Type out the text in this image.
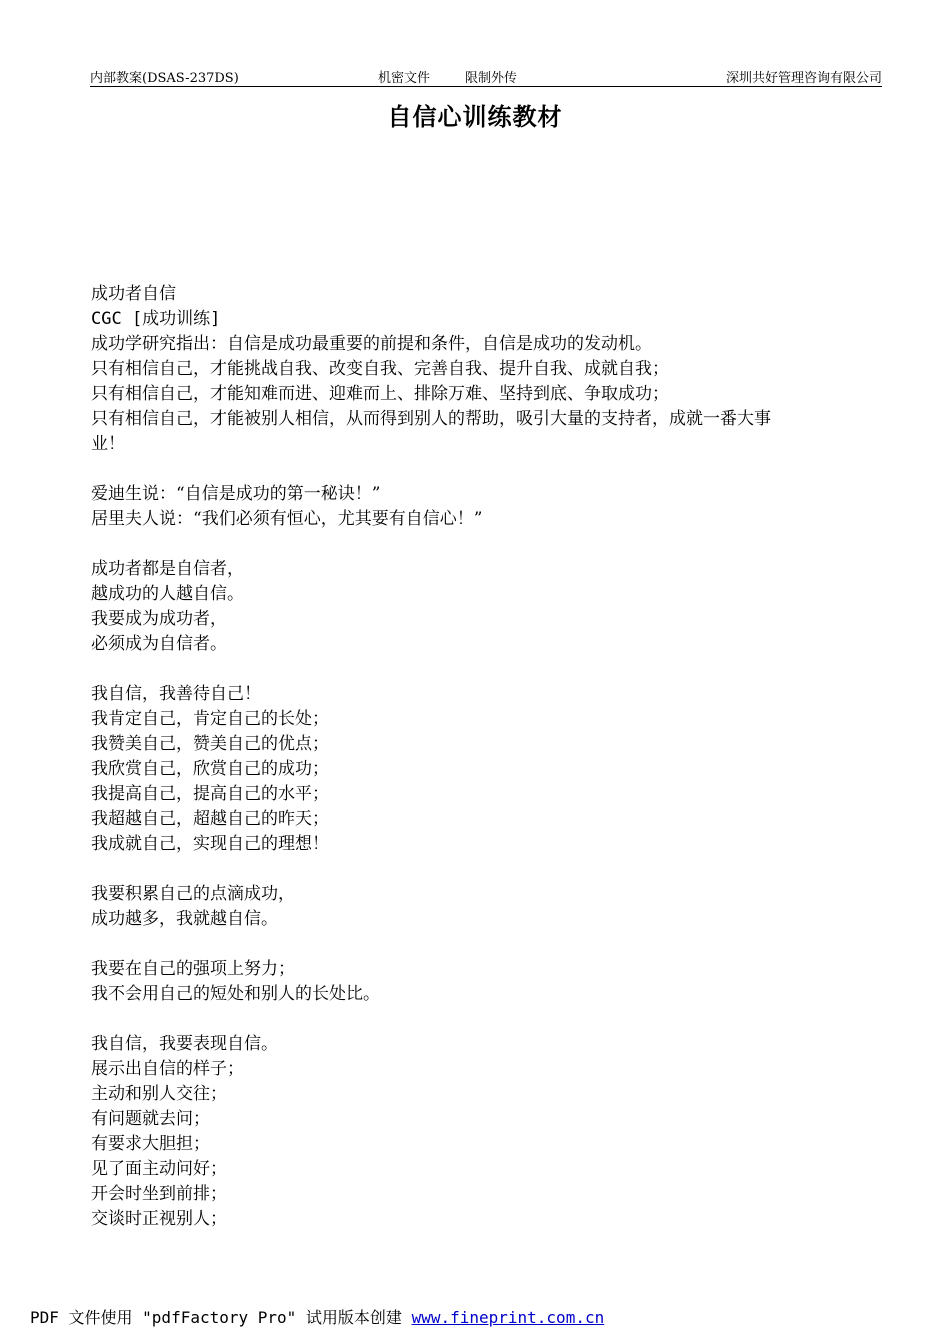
内部教案(DSAS-237DS)	机密文件	限制外传	深圳共好管理咨询有限公司
自信心训练教材
成功者自信
CGC [成功训练]
成功学研究指出：自信是成功最重要的前提和条件，自信是成功的发动机。
只有相信自己，才能挑战自我、改变自我、完善自我、提升自我、成就自我；
只有相信自己，才能知难而进、迎难而上、排除万难、坚持到底、争取成功；
只有相信自己，才能被别人相信，从而得到别人的帮助，吸引大量的支持者，成就一番大事
业！
爱迪生说：“自信是成功的第一秘诀！”
居里夫人说：“我们必须有恒心，尤其要有自信心！”
成功者都是自信者，
越成功的人越自信。
我要成为成功者，
必须成为自信者。
我自信，我善待自己！
我肯定自己，肯定自己的长处；
我赞美自己，赞美自己的优点；
我欣赏自己，欣赏自己的成功；
我提高自己，提高自己的水平；
我超越自己，超越自己的昨天；
我成就自己，实现自己的理想！
我要积累自己的点滴成功，
成功越多，我就越自信。
我要在自己的强项上努力；
我不会用自己的短处和别人的长处比。
我自信，我要表现自信。
展示出自信的样子；
主动和别人交往；
有问题就去问；
有要求大胆担；
见了面主动问好；
开会时坐到前排；
交谈时正视别人；
PDF 文件使用 "pdfFactory Pro" 试用版本创建 www.fineprint.com.cn
